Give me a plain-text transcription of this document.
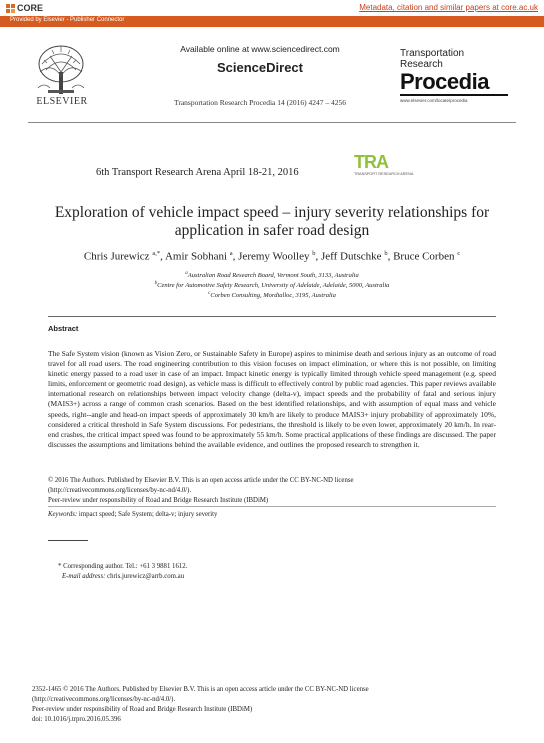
CORE	Metadata, citation and similar papers at core.ac.uk
Provided by Elsevier - Publisher Connector
ELSEVIER
Available online at www.sciencedirect.com
ScienceDirect
Transportation Research Procedia 14 (2016) 4247 – 4256
Transportation
Research
Procedia
www.elsevier.com/locate/procedia
6th Transport Research Arena April 18-21, 2016
TRA
TRANSPORT RESEARCH ARENA
Exploration of vehicle impact speed – injury severity relationships for application in safer road design
Chris Jurewicz $^{a,*}$, Amir Sobhani $^a$, Jeremy Woolley $^b$, Jeff Dutschke $^b$, Bruce Corben $^c$
$^a$Australian Road Research Board, Vermont South, 3133, Australia
$^b$Centre for Automotive Safety Research, University of Adelaide, Adelaide, 5000, Australia
$^c$Corben Consulting, Mordialloc, 3195, Australia
Abstract
The Safe System vision (known as Vision Zero, or Sustainable Safety in Europe) aspires to minimise death and serious injury as an outcome of road travel for all road users. The road engineering contribution to this vision focuses on impact elimination, or where this is not possible, on limiting kinetic energy passed to a road user in case of an impact. Impact kinetic energy is typically limited through vehicle speed management (e.g. speed limits, enforcement or geometric road design), as vehicle mass is difficult to effectively control by public road agencies. This paper reviews available international research on relationships between impact velocity change (delta-v), impact speeds and the probability of fatal and serious injury (MAIS3+) across a range of common crash scenarios. Based on the best identified relationships, and with assumption of equal mass and vehicle speeds, right--angle and head-on impact speeds of approximately 30 km/h are likely to produce MAIS3+ injury probability of approximately 10%, considered a critical threshold in Safe System discussions. For pedestrians, the threshold is likely to be even lower, approximately 20 km/h. In rear-end crashes, the critical impact speed was found to be approximately 55 km/h. Some practical applications of these findings are discussed. The paper discusses the assumptions and limitations behind the available evidence, and outlines the proposed research to strengthen it.
© 2016 The Authors. Published by Elsevier B.V. This is an open access article under the CC BY-NC-ND license
(http://creativecommons.org/licenses/by-nc-nd/4.0/).
Peer-review under responsibility of Road and Bridge Research Institute (IBDiM)
Keywords: impact speed; Safe System; delta-v; injury severity
* Corresponding author. Tel.: +61 3 9881 1612.
E-mail address: chris.jurewicz@arrb.com.au
2352-1465 © 2016 The Authors. Published by Elsevier B.V. This is an open access article under the CC BY-NC-ND license
(http://creativecommons.org/licenses/by-nc-nd/4.0/).
Peer-review under responsibility of Road and Bridge Research Institute (IBDiM)
doi: 10.1016/j.trpro.2016.05.396
